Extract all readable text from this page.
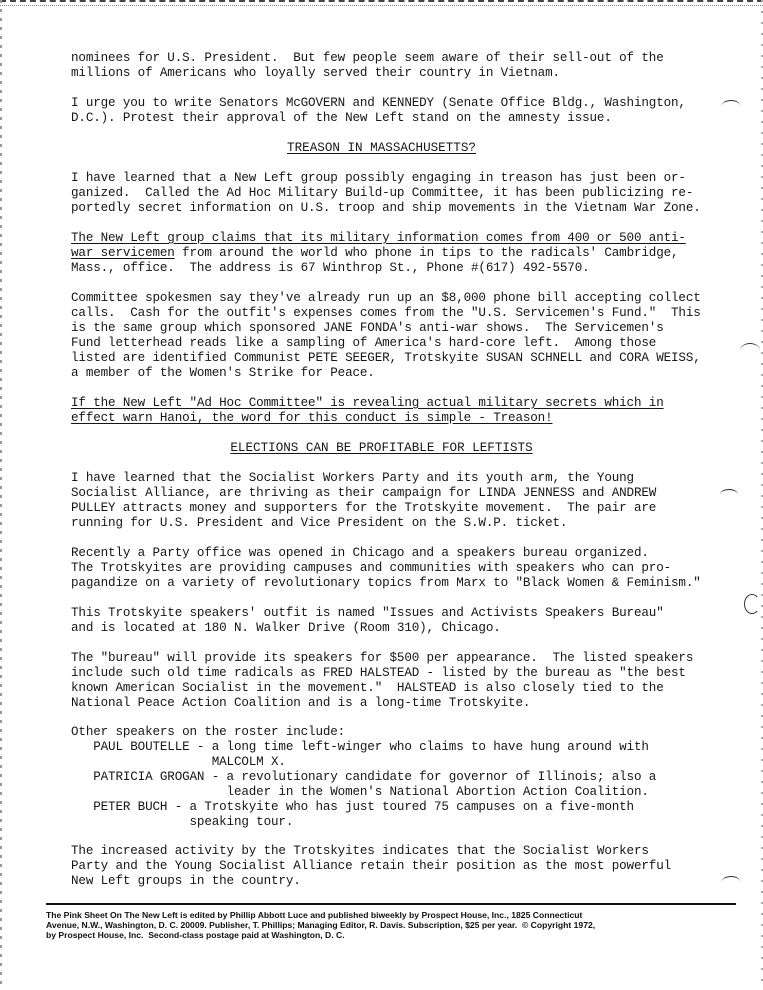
nominees for U.S. President.  But few people seem aware of their sell-out of the
millions of Americans who loyally served their country in Vietnam.

I urge you to write Senators McGOVERN and KENNEDY (Senate Office Bldg., Washington,
D.C.). Protest their approval of the New Left stand on the amnesty issue.

TREASON IN MASSACHUSETTS?

I have learned that a New Left group possibly engaging in treason has just been or-
ganized.  Called the Ad Hoc Military Build-up Committee, it has been publicizing re-
portedly secret information on U.S. troop and ship movements in the Vietnam War Zone.

The New Left group claims that its military information comes from 400 or 500 anti-
war servicemen from around the world who phone in tips to the radicals' Cambridge,
Mass., office.  The address is 67 Winthrop St., Phone #(617) 492-5570.

Committee spokesmen say they've already run up an $8,000 phone bill accepting collect
calls.  Cash for the outfit's expenses comes from the "U.S. Servicemen's Fund."  This
is the same group which sponsored JANE FONDA's anti-war shows.  The Servicemen's
Fund letterhead reads like a sampling of America's hard-core left.  Among those
listed are identified Communist PETE SEEGER, Trotskyite SUSAN SCHNELL and CORA WEISS,
a member of the Women's Strike for Peace.

If the New Left "Ad Hoc Committee" is revealing actual military secrets which in
effect warn Hanoi, the word for this conduct is simple - Treason!

ELECTIONS CAN BE PROFITABLE FOR LEFTISTS

I have learned that the Socialist Workers Party and its youth arm, the Young
Socialist Alliance, are thriving as their campaign for LINDA JENNESS and ANDREW
PULLEY attracts money and supporters for the Trotskyite movement.  The pair are
running for U.S. President and Vice President on the S.W.P. ticket.

Recently a Party office was opened in Chicago and a speakers bureau organized.
The Trotskyites are providing campuses and communities with speakers who can pro-
pagandize on a variety of revolutionary topics from Marx to "Black Women & Feminism."

This Trotskyite speakers' outfit is named "Issues and Activists Speakers Bureau"
and is located at 180 N. Walker Drive (Room 310), Chicago.

The "bureau" will provide its speakers for $500 per appearance.  The listed speakers
include such old time radicals as FRED HALSTEAD - listed by the bureau as "the best
known American Socialist in the movement."  HALSTEAD is also closely tied to the
National Peace Action Coalition and is a long-time Trotskyite.

Other speakers on the roster include:
PAUL BOUTELLE - a long time left-winger who claims to have hung around with
MALCOLM X.
PATRICIA GROGAN - a revolutionary candidate for governor of Illinois; also a
leader in the Women's National Abortion Action Coalition.
PETER BUCH - a Trotskyite who has just toured 75 campuses on a five-month
speaking tour.

The increased activity by the Trotskyites indicates that the Socialist Workers
Party and the Young Socialist Alliance retain their position as the most powerful
New Left groups in the country.

The Pink Sheet On The New Left is edited by Phillip Abbott Luce and published biweekly by Prospect House, Inc., 1825 Connecticut
Avenue, N.W., Washington, D. C. 20009. Publisher, T. Phillips; Managing Editor, R. Davis. Subscription, $25 per year.  © Copyright 1972,
by Prospect House, Inc.  Second-class postage paid at Washington, D. C.
